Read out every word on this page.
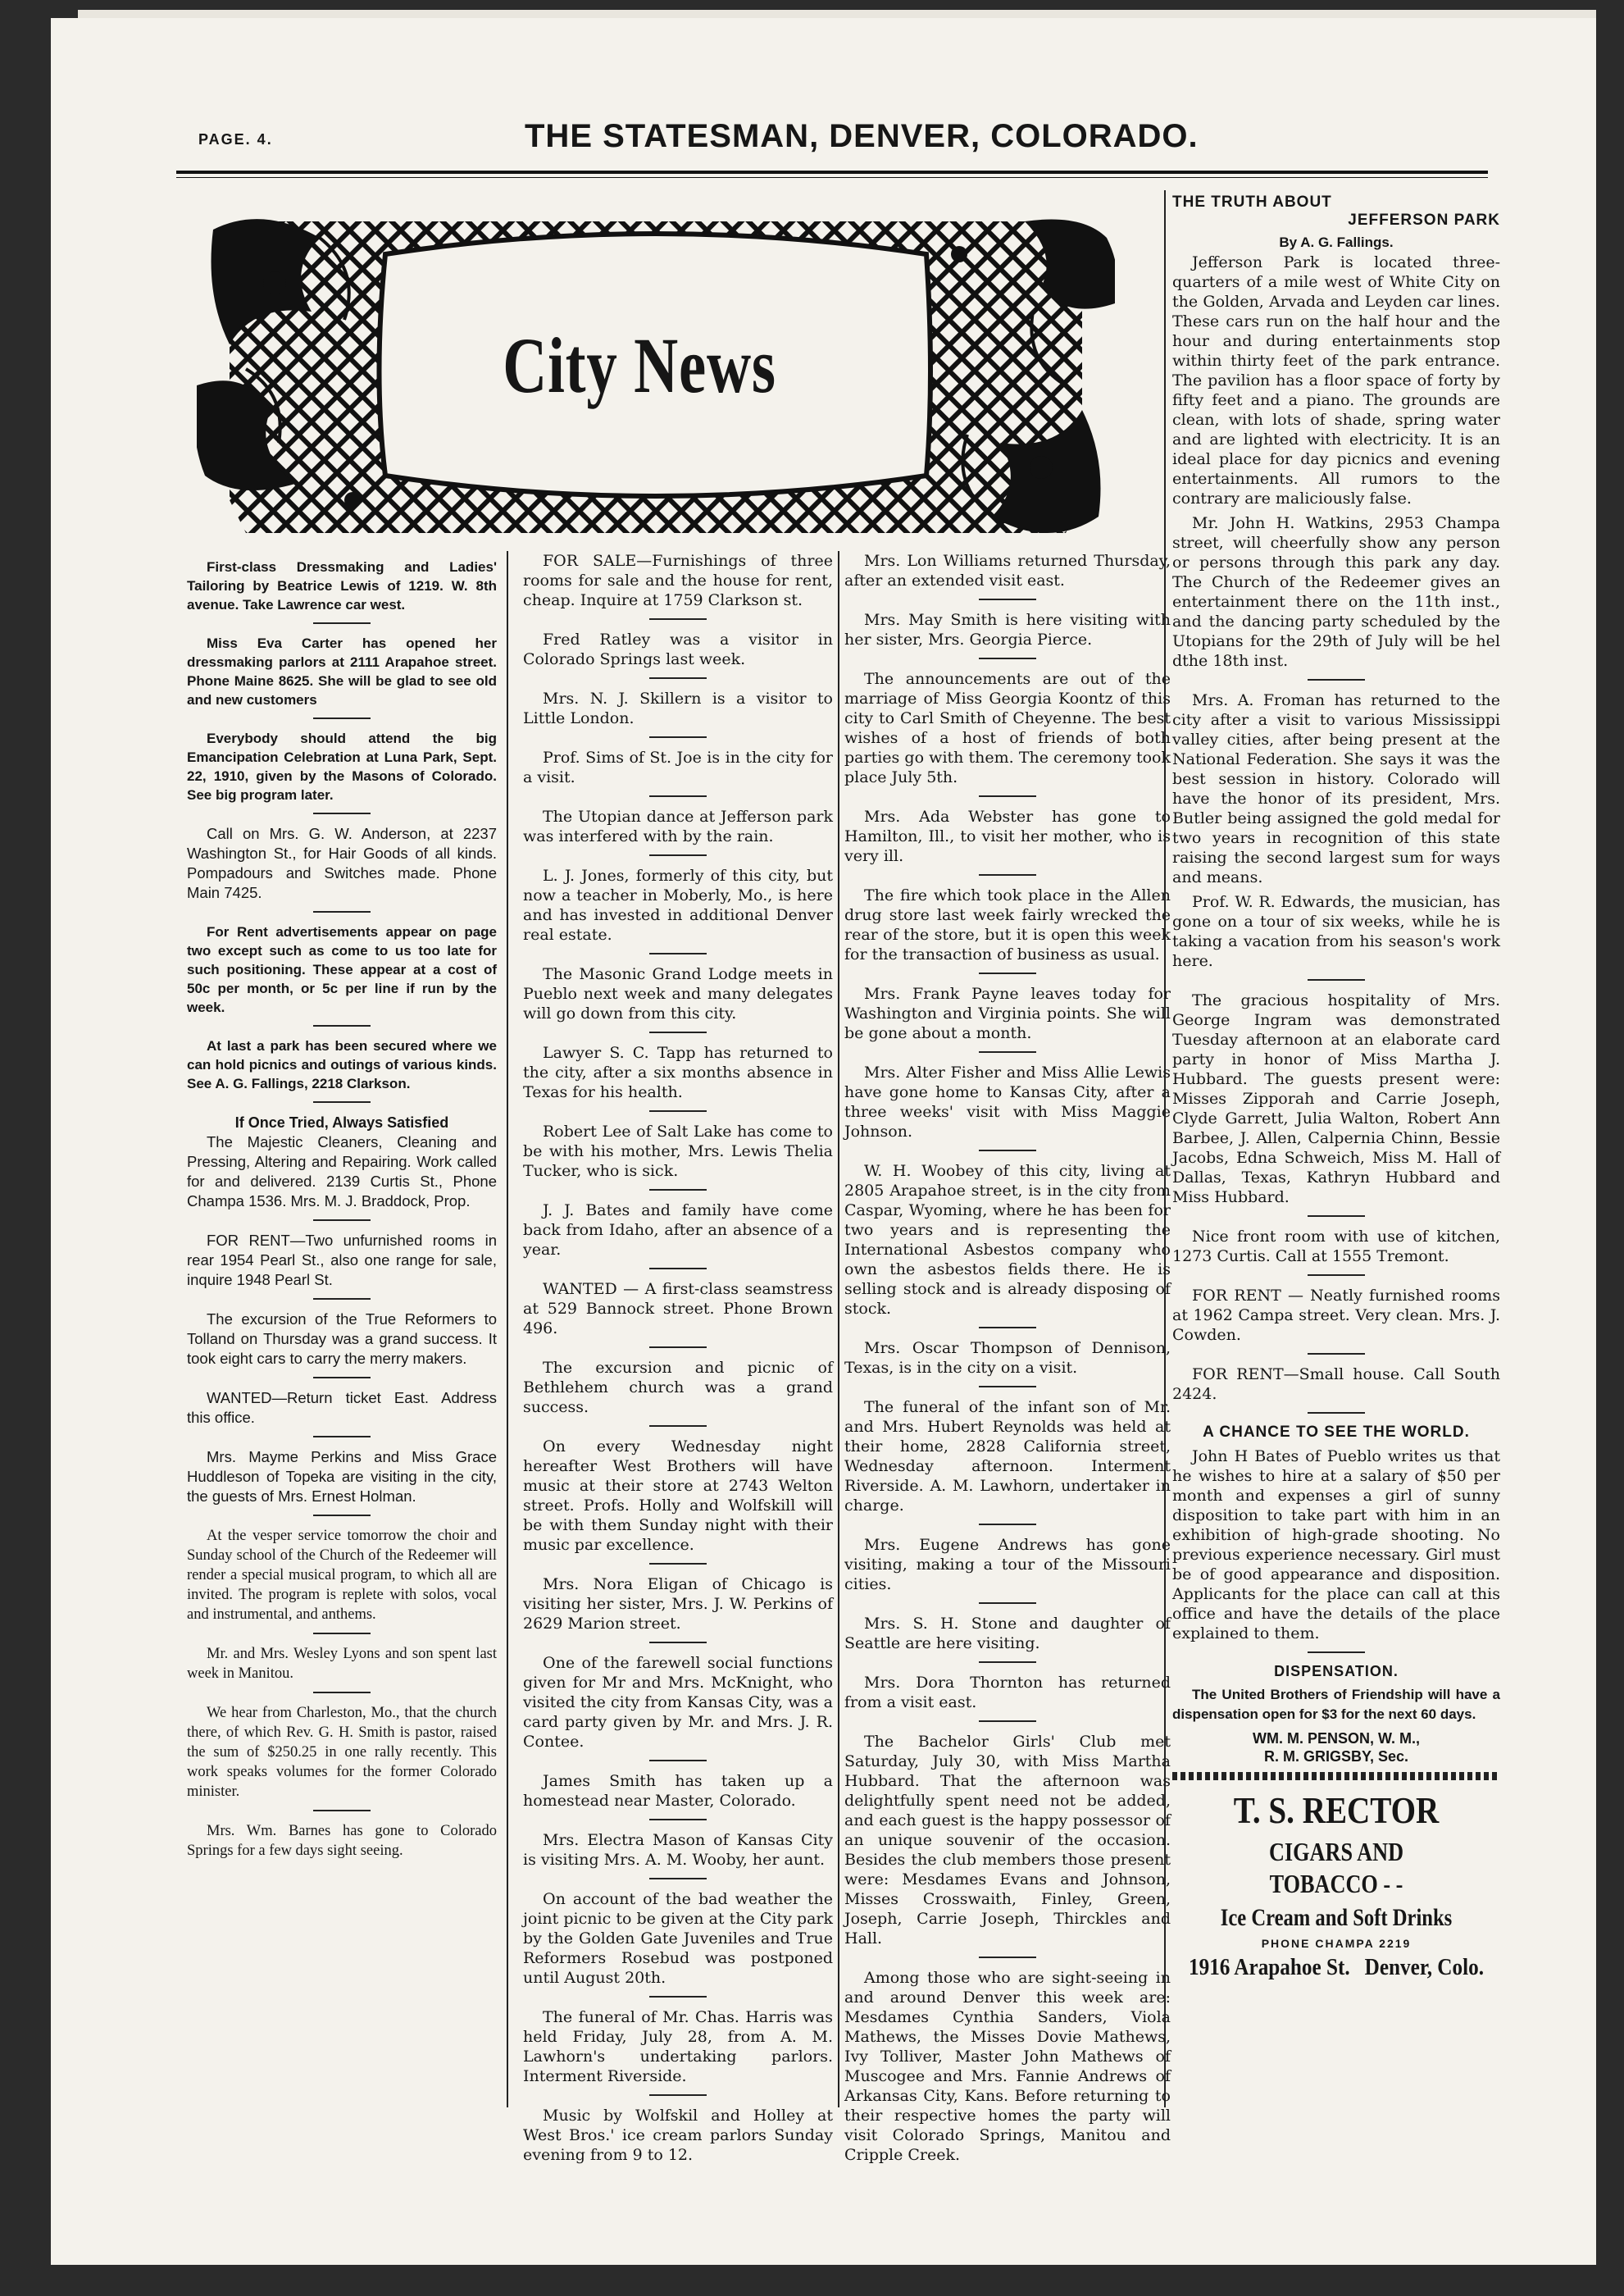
PAGE. 4.	THE STATESMAN, DENVER, COLORADO.
City News

First-class Dressmaking and Ladies' Tailoring by Beatrice Lewis of 1219. W. 8th avenue. Take Lawrence car west.

Miss Eva Carter has opened her dressmaking parlors at 2111 Arapahoe street. Phone Maine 8625. She will be glad to see old and new customers

Everybody should attend the big Emancipation Celebration at Luna Park, Sept. 22, 1910, given by the Masons of Colorado. See big program later.

Call on Mrs. G. W. Anderson, at 2237 Washington St., for Hair Goods of all kinds. Pompadours and Switches made. Phone Main 7425.

For Rent advertisements appear on page two except such as come to us too late for such positioning. These appear at a cost of 50c per month, or 5c per line if run by the week.

At last a park has been secured where we can hold picnics and outings of various kinds. See A. G. Fallings, 2218 Clarkson.

If Once Tried, Always Satisfied

The Majestic Cleaners, Cleaning and Pressing, Altering and Repairing. Work called for and delivered. 2139 Curtis St., Phone Champa 1536. Mrs. M. J. Braddock, Prop.

FOR RENT—Two unfurnished rooms in rear 1954 Pearl St., also one range for sale, inquire 1948 Pearl St.

The excursion of the True Reformers to Tolland on Thursday was a grand success. It took eight cars to carry the merry makers.

WANTED—Return ticket East. Address this office.

Mrs. Mayme Perkins and Miss Grace Huddleson of Topeka are visiting in the city, the guests of Mrs. Ernest Holman.

At the vesper service tomorrow the choir and Sunday school of the Church of the Redeemer will render a special musical program, to which all are invited. The program is replete with solos, vocal and instrumental, and anthems.

Mr. and Mrs. Wesley Lyons and son spent last week in Manitou.

We hear from Charleston, Mo., that the church there, of which Rev. G. H. Smith is pastor, raised the sum of $250.25 in one rally recently. This work speaks volumes for the former Colorado minister.

Mrs. Wm. Barnes has gone to Colorado Springs for a few days sight seeing.

FOR SALE—Furnishings of three rooms for sale and the house for rent, cheap. Inquire at 1759 Clarkson st.

Fred Ratley was a visitor in Colorado Springs last week.

Mrs. N. J. Skillern is a visitor to Little London.

Prof. Sims of St. Joe is in the city for a visit.

The Utopian dance at Jefferson park was interfered with by the rain.

L. J. Jones, formerly of this city, but now a teacher in Moberly, Mo., is here and has invested in additional Denver real estate.

The Masonic Grand Lodge meets in Pueblo next week and many delegates will go down from this city.

Lawyer S. C. Tapp has returned to the city, after a six months absence in Texas for his health.

Robert Lee of Salt Lake has come to be with his mother, Mrs. Lewis Thelia Tucker, who is sick.

J. J. Bates and family have come back from Idaho, after an absence of a year.

WANTED — A first-class seamstress at 529 Bannock street. Phone Brown 496.

The excursion and picnic of Bethlehem church was a grand success.

On every Wednesday night hereafter West Brothers will have music at their store at 2743 Welton street. Profs. Holly and Wolfskill will be with them Sunday night with their music par excellence.

Mrs. Nora Eligan of Chicago is visiting her sister, Mrs. J. W. Perkins of 2629 Marion street.

One of the farewell social functions given for Mr and Mrs. McKnight, who visited the city from Kansas City, was a card party given by Mr. and Mrs. J. R. Contee.

James Smith has taken up a homestead near Master, Colorado.

Mrs. Electra Mason of Kansas City is visiting Mrs. A. M. Wooby, her aunt.

On account of the bad weather the joint picnic to be given at the City park by the Golden Gate Juveniles and True Reformers Rosebud was postponed until August 20th.

The funeral of Mr. Chas. Harris was held Friday, July 28, from A. M. Lawhorn's undertaking parlors. Interment Riverside.

Music by Wolfskil and Holley at West Bros.' ice cream parlors Sunday evening from 9 to 12.

Mrs. Lon Williams returned Thursday, after an extended visit east.

Mrs. May Smith is here visiting with her sister, Mrs. Georgia Pierce.

The announcements are out of the marriage of Miss Georgia Koontz of this city to Carl Smith of Cheyenne. The best wishes of a host of friends of both parties go with them. The ceremony took place July 5th.

Mrs. Ada Webster has gone to Hamilton, Ill., to visit her mother, who is very ill.

The fire which took place in the Allen drug store last week fairly wrecked the rear of the store, but it is open this week for the transaction of business as usual.

Mrs. Frank Payne leaves today for Washington and Virginia points. She will be gone about a month.

Mrs. Alter Fisher and Miss Allie Lewis have gone home to Kansas City, after a three weeks' visit with Miss Maggie Johnson.

W. H. Woobey of this city, living at 2805 Arapahoe street, is in the city from Caspar, Wyoming, where he has been for two years and is representing the International Asbestos company who own the asbestos fields there. He is selling stock and is already disposing of stock.

Mrs. Oscar Thompson of Dennison, Texas, is in the city on a visit.

The funeral of the infant son of Mr. and Mrs. Hubert Reynolds was held at their home, 2828 California street, Wednesday afternoon. Interment Riverside. A. M. Lawhorn, undertaker in charge.

Mrs. Eugene Andrews has gone visiting, making a tour of the Missouri cities.

Mrs. S. H. Stone and daughter of Seattle are here visiting.

Mrs. Dora Thornton has returned from a visit east.

The Bachelor Girls' Club met Saturday, July 30, with Miss Martha Hubbard. That the afternoon was delightfully spent need not be added, and each guest is the happy possessor of an unique souvenir of the occasion. Besides the club members those present were: Mesdames Evans and Johnson, Misses Crosswaith, Finley, Green, Joseph, Carrie Joseph, Thirckles and Hall.

Among those who are sight-seeing in and around Denver this week are: Mesdames Cynthia Sanders, Viola Mathews, the Misses Dovie Mathews, Ivy Tolliver, Master John Mathews of Muscogee and Mrs. Fannie Andrews of Arkansas City, Kans. Before returning to their respective homes the party will visit Colorado Springs, Manitou and Cripple Creek.

THE TRUTH ABOUT

JEFFERSON PARK

By A. G. Fallings.

Jefferson Park is located three-quarters of a mile west of White City on the Golden, Arvada and Leyden car lines. These cars run on the half hour and the hour and during entertainments stop within thirty feet of the park entrance. The pavilion has a floor space of forty by fifty feet and a piano. The grounds are clean, with lots of shade, spring water and are lighted with electricity. It is an ideal place for day picnics and evening entertainments. All rumors to the contrary are maliciously false.

Mr. John H. Watkins, 2953 Champa street, will cheerfully show any person or persons through this park any day. The Church of the Redeemer gives an entertainment there on the 11th inst., and the dancing party scheduled by the Utopians for the 29th of July will be hel dthe 18th inst.

Mrs. A. Froman has returned to the city after a visit to various Mississippi valley cities, after being present at the National Federation. She says it was the best session in history. Colorado will have the honor of its president, Mrs. Butler being assigned the gold medal for two years in recognition of this state raising the second largest sum for ways and means.

Prof. W. R. Edwards, the musician, has gone on a tour of six weeks, while he is taking a vacation from his season's work here.

The gracious hospitality of Mrs. George Ingram was demonstrated Tuesday afternoon at an elaborate card party in honor of Miss Martha J. Hubbard. The guests present were: Misses Zipporah and Carrie Joseph, Clyde Garrett, Julia Walton, Robert Ann Barbee, J. Allen, Calpernia Chinn, Bessie Jacobs, Edna Schweich, Miss M. Hall of Dallas, Texas, Kathryn Hubbard and Miss Hubbard.

Nice front room with use of kitchen, 1273 Curtis. Call at 1555 Tremont.

FOR RENT — Neatly furnished rooms at 1962 Campa street. Very clean. Mrs. J. Cowden.

FOR RENT—Small house. Call South 2424.

A CHANCE TO SEE THE WORLD.

John H Bates of Pueblo writes us that he wishes to hire at a salary of $50 per month and expenses a girl of sunny disposition to take part with him in an exhibition of high-grade shooting. No previous experience necessary. Girl must be of good appearance and disposition. Applicants for the place can call at this office and have the details of the place explained to them.

DISPENSATION.

The United Brothers of Friendship will have a dispensation open for $3 for the next 60 days.

WM. M. PENSON, W. M.,
R. M. GRIGSBY, Sec.
T. S. RECTOR
CIGARS AND
TOBACCO - -
Ice Cream and Soft Drinks
PHONE CHAMPA 2219
1916 Arapahoe St. Denver, Colo.
